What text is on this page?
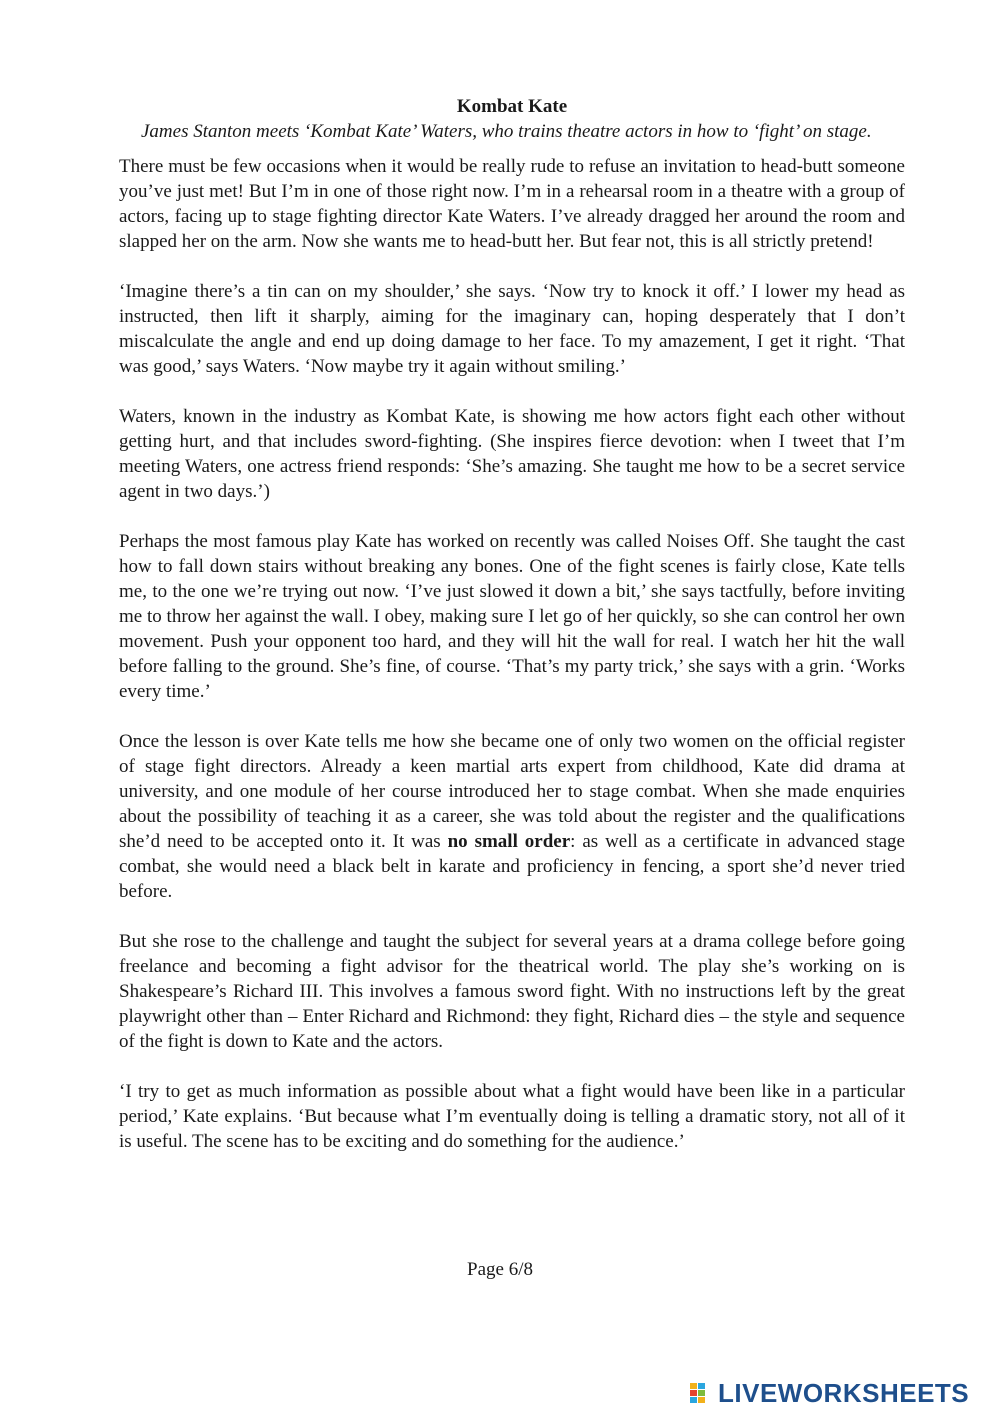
Kombat Kate

James Stanton meets ‘Kombat Kate’ Waters, who trains theatre actors in how to ‘fight’ on stage.

There must be few occasions when it would be really rude to refuse an invitation to head-butt someone you’ve just met! But I’m in one of those right now. I’m in a rehearsal room in a theatre with a group of actors, facing up to stage fighting director Kate Waters. I’ve already dragged her around the room and slapped her on the arm. Now she wants me to head-butt her. But fear not, this is all strictly pretend!

‘Imagine there’s a tin can on my shoulder,’ she says. ‘Now try to knock it off.’ I lower my head as instructed, then lift it sharply, aiming for the imaginary can, hoping desperately that I don’t miscalculate the angle and end up doing damage to her face. To my amazement, I get it right. ‘That was good,’ says Waters. ‘Now maybe try it again without smiling.’

Waters, known in the industry as Kombat Kate, is showing me how actors fight each other without getting hurt, and that includes sword-fighting. (She inspires fierce devotion: when I tweet that I’m meeting Waters, one actress friend responds: ‘She’s amazing. She taught me how to be a secret service agent in two days.’)

Perhaps the most famous play Kate has worked on recently was called Noises Off. She taught the cast how to fall down stairs without breaking any bones. One of the fight scenes is fairly close, Kate tells me, to the one we’re trying out now. ‘I’ve just slowed it down a bit,’ she says tactfully, before inviting me to throw her against the wall. I obey, making sure I let go of her quickly, so she can control her own movement. Push your opponent too hard, and they will hit the wall for real. I watch her hit the wall before falling to the ground. She’s fine, of course. ‘That’s my party trick,’ she says with a grin. ‘Works every time.’

Once the lesson is over Kate tells me how she became one of only two women on the official register of stage fight directors. Already a keen martial arts expert from childhood, Kate did drama at university, and one module of her course introduced her to stage combat. When she made enquiries about the possibility of teaching it as a career, she was told about the register and the qualifications she’d need to be accepted onto it. It was no small order: as well as a certificate in advanced stage combat, she would need a black belt in karate and proficiency in fencing, a sport she’d never tried before.

But she rose to the challenge and taught the subject for several years at a drama college before going freelance and becoming a fight advisor for the theatrical world. The play she’s working on is Shakespeare’s Richard III. This involves a famous sword fight. With no instructions left by the great playwright other than – Enter Richard and Richmond: they fight, Richard dies – the style and sequence of the fight is down to Kate and the actors.

‘I try to get as much information as possible about what a fight would have been like in a particular period,’ Kate explains. ‘But because what I’m eventually doing is telling a dramatic story, not all of it is useful. The scene has to be exciting and do something for the audience.’

Page 6/8
LIVEWORKSHEETS
